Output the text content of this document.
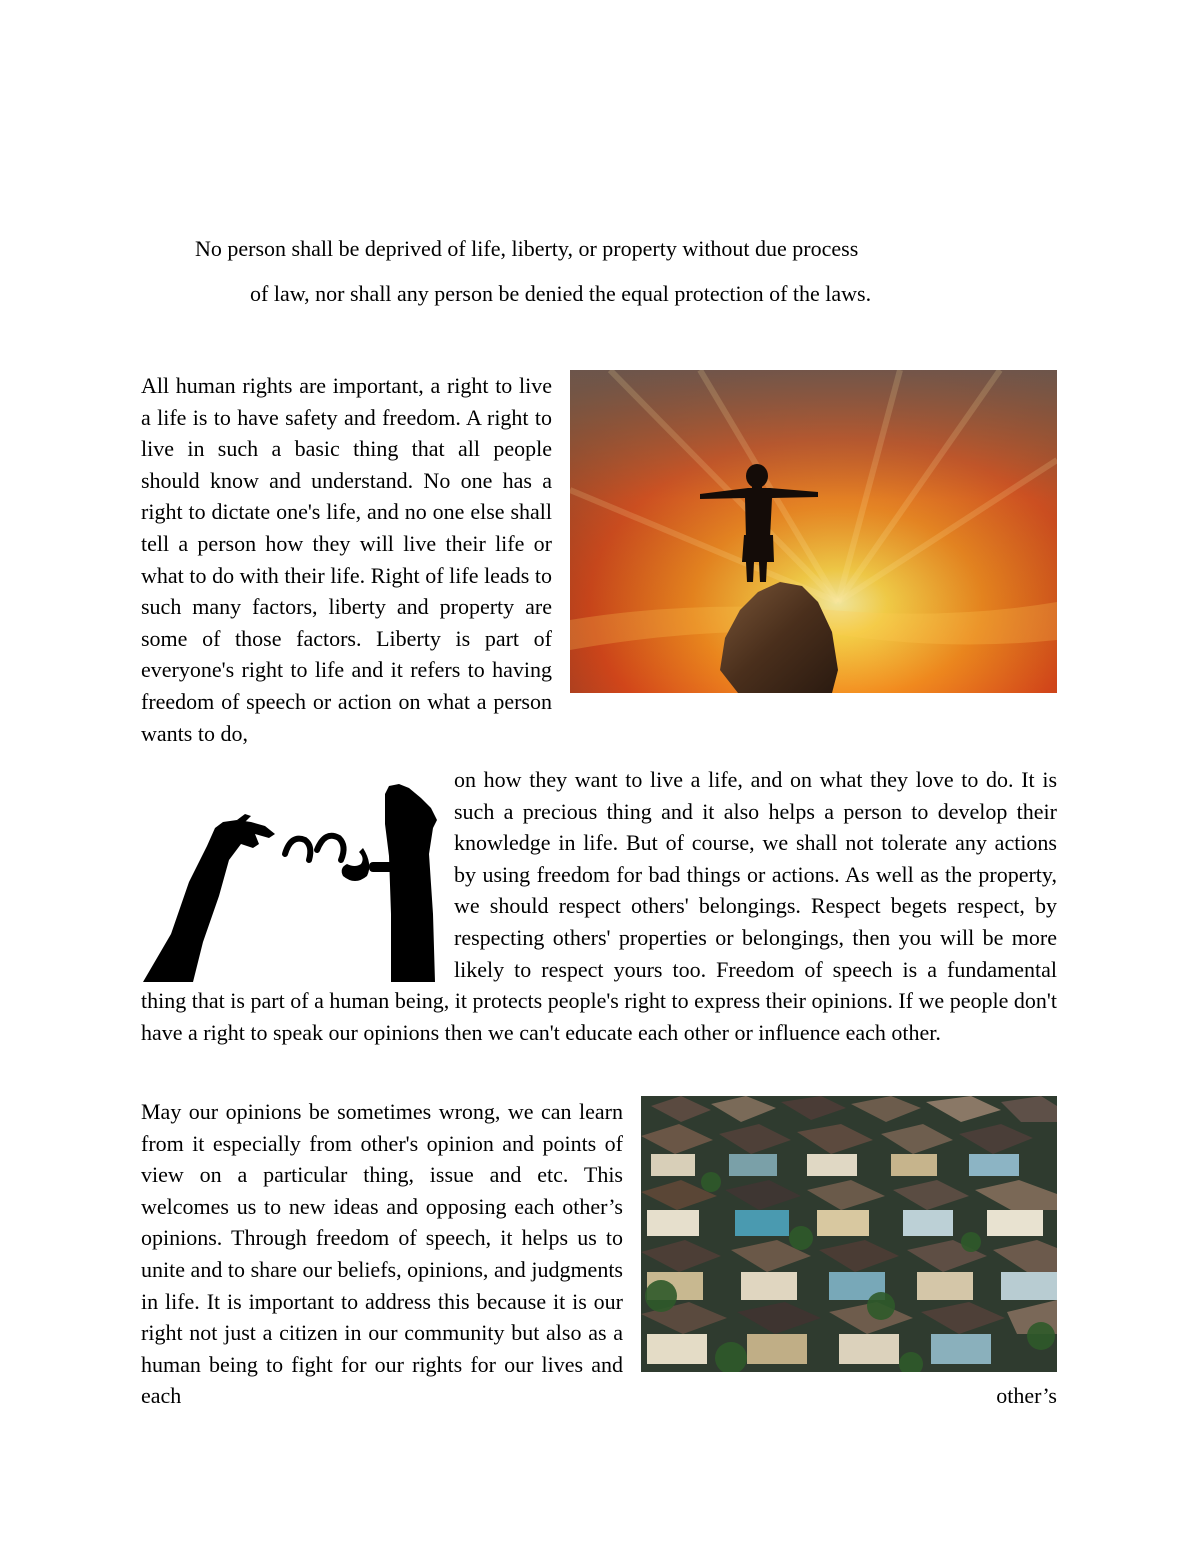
No person shall be deprived of life, liberty, or property without due process
of law, nor shall any person be denied the equal protection of the laws.

All human rights are important, a right to live a life is to have safety and freedom. A right to live in such a basic thing that all people should know and understand. No one has a right to dictate one's life, and no one else shall tell a person how they will live their life or what to do with their life. Right of life leads to such many factors, liberty and property are some of those factors. Liberty is part of everyone's right to life and it refers to having freedom of speech or action on what a person wants to do,

on how they want to live a life, and on what they love to do. It is such a precious thing and it also helps a person to develop their knowledge in life. But of course, we shall not tolerate any actions by using freedom for bad things or actions. As well as the property, we should respect others' belongings. Respect begets respect, by respecting others' properties or belongings, then you will be more likely to respect yours too. Freedom of speech is a fundamental thing that is part of a human being, it protects people's right to express their opinions. If we people don't have a right to speak our opinions then we can't educate each other or influence each other.

May our opinions be sometimes wrong, we can learn from it especially from other's opinion and points of view on a particular thing, issue and etc. This welcomes us to new ideas and opposing each other’s opinions. Through freedom of speech, it helps us to unite and to share our beliefs, opinions, and judgments in life. It is important to address this because it is our right not just a citizen in our community but also as a human being to fight for our rights for our lives and each other’s
